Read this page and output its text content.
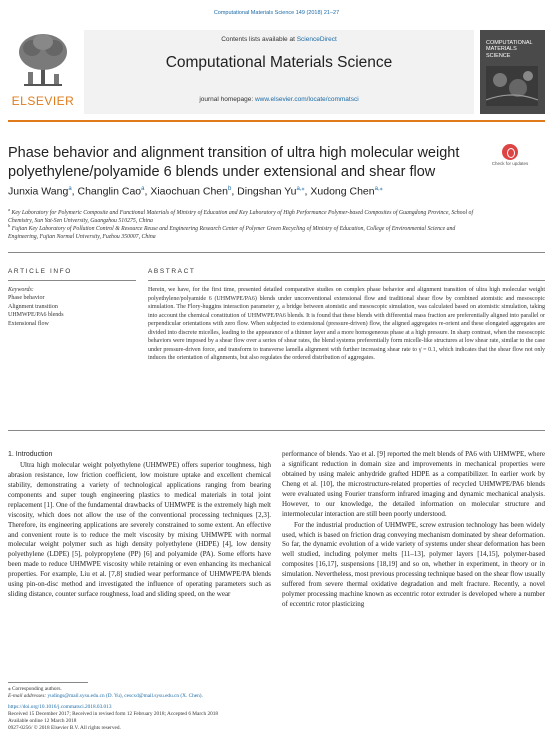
Computational Materials Science 149 (2018) 21–27
ELSEVIER
Contents lists available at ScienceDirect
Computational Materials Science
journal homepage: www.elsevier.com/locate/commatsci
COMPUTATIONAL MATERIALS SCIENCE
Phase behavior and alignment transition of ultra high molecular weight polyethylene/polyamide 6 blends under extensional and shear flow
Check for updates
Junxia Wang$^a$, Changlin Cao$^a$, Xiaochuan Chen$^b$, Dingshan $Yu^{a,⁎}$, Xudong Chen$^{a,⁎}$
$^a$ Key Laboratory for Polymeric Composite and Functional Materials of Ministry of Education and Key Laboratory of High Performance Polymer-based Composites of Guangdong Province, School of Chemistry, Sun Yat-Sen University, Guangzhou 510275, China
$^b$ Fujian Key Laboratory of Pollution Control & Resource Reuse and Engineering Research Center of Polymer Green Recycling of Ministry of Education, College of Environmental Science and Engineering, Fujian Normal University, Fuzhou 350007, China
ARTICLE INFO	ABSTRACT
Keywords:
Phase behavior
Alignment transition
UHMWPE/PA6 blends
Extensional flow
Herein, we have, for the first time, presented detailed comparative studies on complex phase behavior and alignment transition of ultra high molecular weight polyethylene/polyamide 6 (UHMWPE/PA6) blends under unconventional extensional flow and traditional shear flow by combined atomistic and mesoscopic simulation. The Flory-huggins interaction parameter χ, a bridge between atomistic and mesoscopic simulation, was calculated based on atomistic simulation, taking into account the chemical constitution of UHMWPE/PA6 blends. It is found that these blends with differential mass fraction are preferentially aligned into parallel or perpendicular orientations with zero flow. When subjected to extensional (pressure-driven) flow, the aligned aggregates re-orient and these elongated aggregates are divided into discrete micelles, leading to the appearance of a thinner layer and a more homogeneous phase at a high pressure. In sharp contrast, when the mesoscopic behaviors were imposed by a shear flow over a series of shear rates, the blend systems preferentially form micelle-like structures at low shear rate, similar to the case under pressure-driven force, and transform to transverse lamella alignment with further increasing shear rate to γ̇ = 0.1, which indicates that the shear flow not only induces the orientation of alignments, but also regulates the ordered distribution of aggregates.

1. Introduction

Ultra high molecular weight polyethylene (UHMWPE) offers superior toughness, high abrasion resistance, low friction coefficient, low moisture uptake and excellent chemical stability, demonstrating a variety of technological applications ranging from bearing components and super tough engineering plastics to medical materials in total joint replacement [1]. One of the fundamental drawbacks of UHMWPE is the extremely high melt viscosity, which does not allow the use of the conventional processing techniques [2,3]. Therefore, its engineering applications are severely constrained to some extent. An effective and convenient route is to reduce the melt viscosity by mixing UHMWPE with normal molecular weight polymer such as high density polyethylene (HDPE) [4], low density polyethylene (LDPE) [5], polypropylene (PP) [6] and polyamide (PA). Some efforts have been made to reduce UHMWPE viscosity while retaining or even enhancing its mechanical properties. For example, Liu et al. [7,8] studied wear performance of UHMWPE/PA blends using pin-on-disc method and investigated the influence of operating parameters such as sliding distance, counter surface roughness, load and sliding speed, on the wear

performance of blends. Yao et al. [9] reported the melt blends of PA6 with UHMWPE, where a significant reduction in domain size and improvements in mechanical properties were obtained by using maleic anhydride grafted HDPE as a compatibilizer. In earlier work by Cheng et al. [10], the microstructure-related properties of recycled UHMWPE/PA6 blends were evaluated using Fourier transform infrared imaging and dynamic mechanical analysis. However, to our knowledge, the detailed information on molecular structure and intermolecular interaction are still been poorly understood.

For the industrial production of UHMWPE, screw extrusion technology has been widely used, which is based on friction drag conveying mechanism dominated by shear deformation. So far, the dynamic evolution of a wide variety of systems under shear deformation has been well studied, including polymer melts [11–13], polymer layers [14,15], polymer-based composites [16,17], suspensions [18,19] and so on, whether in experiment, in theory or in simulation. Nevertheless, most previous processing technique based on the shear flow usually suffered from severe thermal oxidative degradation and melt fracture. Recently, a novel polymer processing machine known as eccentric rotor extruder is developed where a number of eccentric rotor plasticizing

⁎ Corresponding authors.
E-mail addresses: yudings@mail.sysu.edu.cn (D. Yu), cescxd@mail.sysu.edu.cn (X. Chen).
https://doi.org/10.1016/j.commatsci.2018.03.013
Received 15 December 2017; Received in revised form 12 February 2018; Accepted 6 March 2018
Available online 12 March 2018
0927-0256/ © 2018 Elsevier B.V. All rights reserved.
